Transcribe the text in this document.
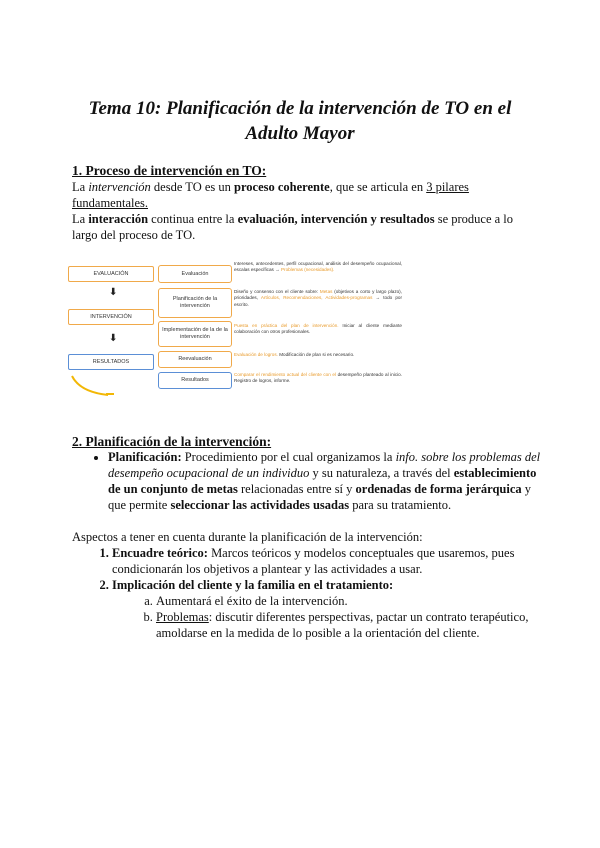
Tema 10: Planificación de la intervención de TO en el
Adulto Mayor

1. Proceso de intervención en TO:

La intervención desde TO es un proceso coherente, que se articula en 3 pilares fundamentales.

La interacción continua entre la evaluación, intervención y resultados se produce a lo largo del proceso de TO.

EVALUACIÓN
⬇
INTERVENCIÓN
⬇
RESULTADOS
Evaluación
Planificación de la intervención
Implementación de la de la intervención
Reevaluación
Resultados
Intereses, antecedentes, perfil ocupacional, análisis del desempeño ocupacional, escalas específicas → Problemas (necesidades).
Diseño y consenso con el cliente sobre: Metas (objetivos a corto y largo plazo), prioridades, Artículos, Recomendaciones, Actividades-programas → todo por escrito.
Puesta en práctica del plan de intervención. Iniciar al cliente mediante colaboración con otros profesionales.
Evaluación de logros. Modificación de plan si es necesario.
Comparar el rendimiento actual del cliente con el desempeño planteado al inicio. Registro de logros, informe.

2. Planificación de la intervención:

• Planificación: Procedimiento por el cual organizamos la info. sobre los problemas del desempeño ocupacional de un individuo y su naturaleza, a través del establecimiento de un conjunto de metas relacionadas entre sí y ordenadas de forma jerárquica y que permite seleccionar las actividades usadas para su tratamiento.

Aspectos a tener en cuenta durante la planificación de la intervención:

1. Encuadre teórico: Marcos teóricos y modelos conceptuales que usaremos, pues condicionarán los objetivos a plantear y las actividades a usar.
2. Implicación del cliente y la familia en el tratamiento:
a. Aumentará el éxito de la intervención.
b. Problemas: discutir diferentes perspectivas, pactar un contrato terapéutico, amoldarse en la medida de lo posible a la orientación del cliente.
